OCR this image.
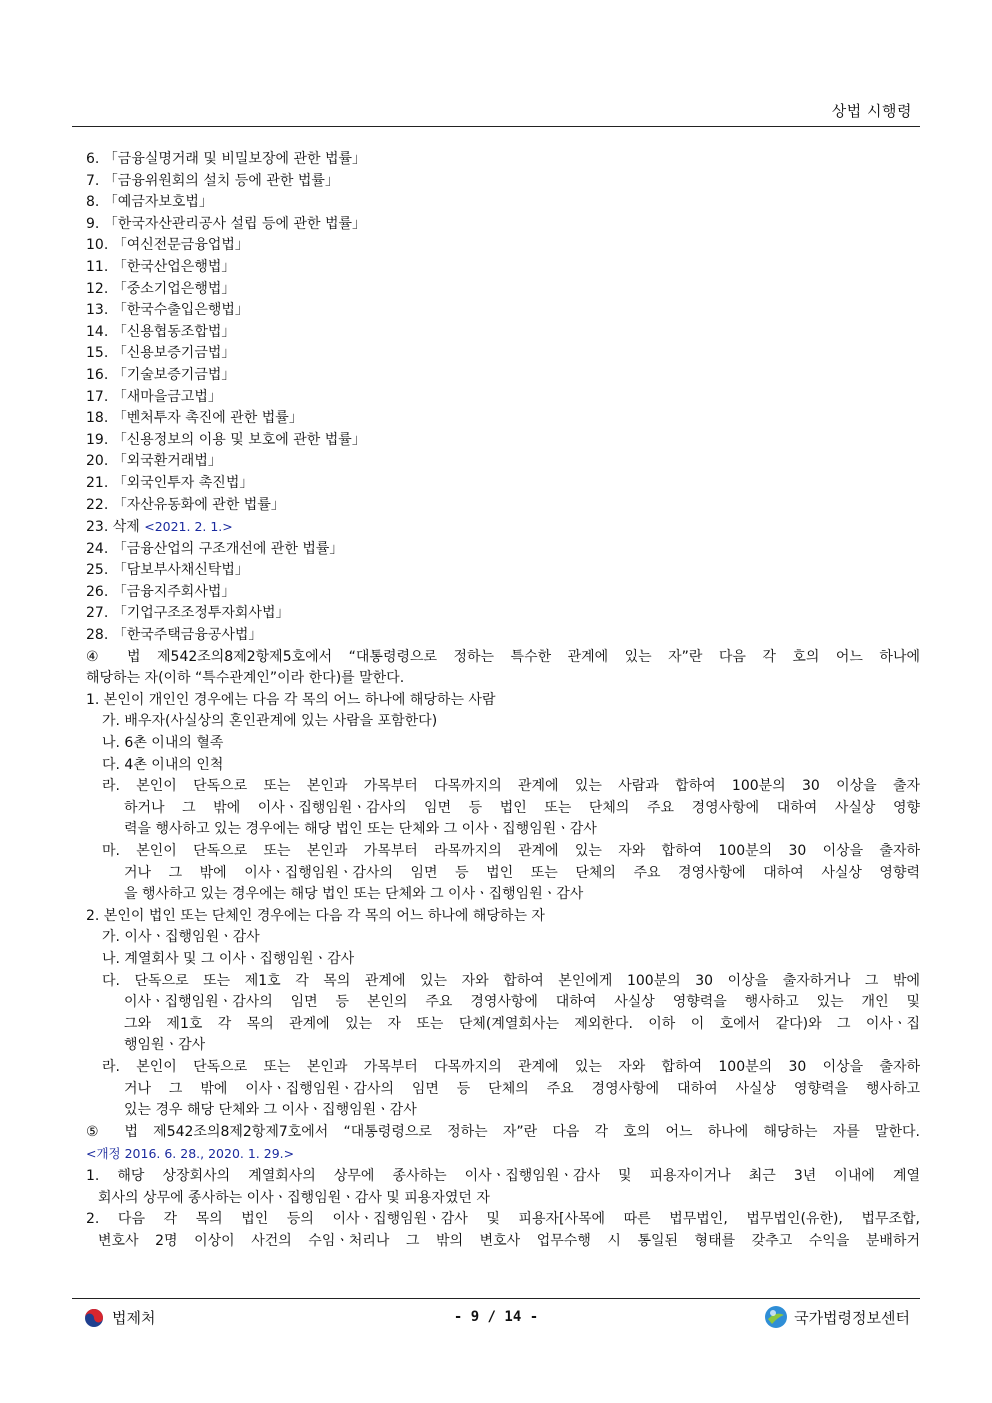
상법 시행령
6. 「금융실명거래 및 비밀보장에 관한 법률」
7. 「금융위원회의 설치 등에 관한 법률」
8. 「예금자보호법」
9. 「한국자산관리공사 설립 등에 관한 법률」
10. 「여신전문금융업법」
11. 「한국산업은행법」
12. 「중소기업은행법」
13. 「한국수출입은행법」
14. 「신용협동조합법」
15. 「신용보증기금법」
16. 「기술보증기금법」
17. 「새마을금고법」
18. 「벤처투자 촉진에 관한 법률」
19. 「신용정보의 이용 및 보호에 관한 법률」
20. 「외국환거래법」
21. 「외국인투자 촉진법」
22. 「자산유동화에 관한 법률」
23. 삭제 <2021. 2. 1.>
24. 「금융산업의 구조개선에 관한 법률」
25. 「담보부사채신탁법」
26. 「금융지주회사법」
27. 「기업구조조정투자회사법」
28. 「한국주택금융공사법」
④ 법 제542조의8제2항제5호에서 “대통령령으로 정하는 특수한 관계에 있는 자”란 다음 각 호의 어느 하나에
해당하는 자(이하 “특수관계인”이라 한다)를 말한다.
1. 본인이 개인인 경우에는 다음 각 목의 어느 하나에 해당하는 사람
가. 배우자(사실상의 혼인관계에 있는 사람을 포함한다)
나. 6촌 이내의 혈족
다. 4촌 이내의 인척
라. 본인이 단독으로 또는 본인과 가목부터 다목까지의 관계에 있는 사람과 합하여 100분의 30 이상을 출자
하거나 그 밖에 이사ㆍ집행임원ㆍ감사의 임면 등 법인 또는 단체의 주요 경영사항에 대하여 사실상 영향
력을 행사하고 있는 경우에는 해당 법인 또는 단체와 그 이사ㆍ집행임원ㆍ감사
마. 본인이 단독으로 또는 본인과 가목부터 라목까지의 관계에 있는 자와 합하여 100분의 30 이상을 출자하
거나 그 밖에 이사ㆍ집행임원ㆍ감사의 임면 등 법인 또는 단체의 주요 경영사항에 대하여 사실상 영향력
을 행사하고 있는 경우에는 해당 법인 또는 단체와 그 이사ㆍ집행임원ㆍ감사
2. 본인이 법인 또는 단체인 경우에는 다음 각 목의 어느 하나에 해당하는 자
가. 이사ㆍ집행임원ㆍ감사
나. 계열회사 및 그 이사ㆍ집행임원ㆍ감사
다. 단독으로 또는 제1호 각 목의 관계에 있는 자와 합하여 본인에게 100분의 30 이상을 출자하거나 그 밖에
이사ㆍ집행임원ㆍ감사의 임면 등 본인의 주요 경영사항에 대하여 사실상 영향력을 행사하고 있는 개인 및
그와 제1호 각 목의 관계에 있는 자 또는 단체(계열회사는 제외한다. 이하 이 호에서 같다)와 그 이사ㆍ집
행임원ㆍ감사
라. 본인이 단독으로 또는 본인과 가목부터 다목까지의 관계에 있는 자와 합하여 100분의 30 이상을 출자하
거나 그 밖에 이사ㆍ집행임원ㆍ감사의 임면 등 단체의 주요 경영사항에 대하여 사실상 영향력을 행사하고
있는 경우 해당 단체와 그 이사ㆍ집행임원ㆍ감사
⑤ 법 제542조의8제2항제7호에서 “대통령령으로 정하는 자”란 다음 각 호의 어느 하나에 해당하는 자를 말한다.
<개정 2016. 6. 28., 2020. 1. 29.>
1. 해당 상장회사의 계열회사의 상무에 종사하는 이사ㆍ집행임원ㆍ감사 및 피용자이거나 최근 3년 이내에 계열
회사의 상무에 종사하는 이사ㆍ집행임원ㆍ감사 및 피용자였던 자
2. 다음 각 목의 법인 등의 이사ㆍ집행임원ㆍ감사 및 피용자[사목에 따른 법무법인, 법무법인(유한), 법무조합,
변호사 2명 이상이 사건의 수임ㆍ처리나 그 밖의 변호사 업무수행 시 통일된 형태를 갖추고 수익을 분배하거
법제처	- 9 / 14 -	국가법령정보센터
